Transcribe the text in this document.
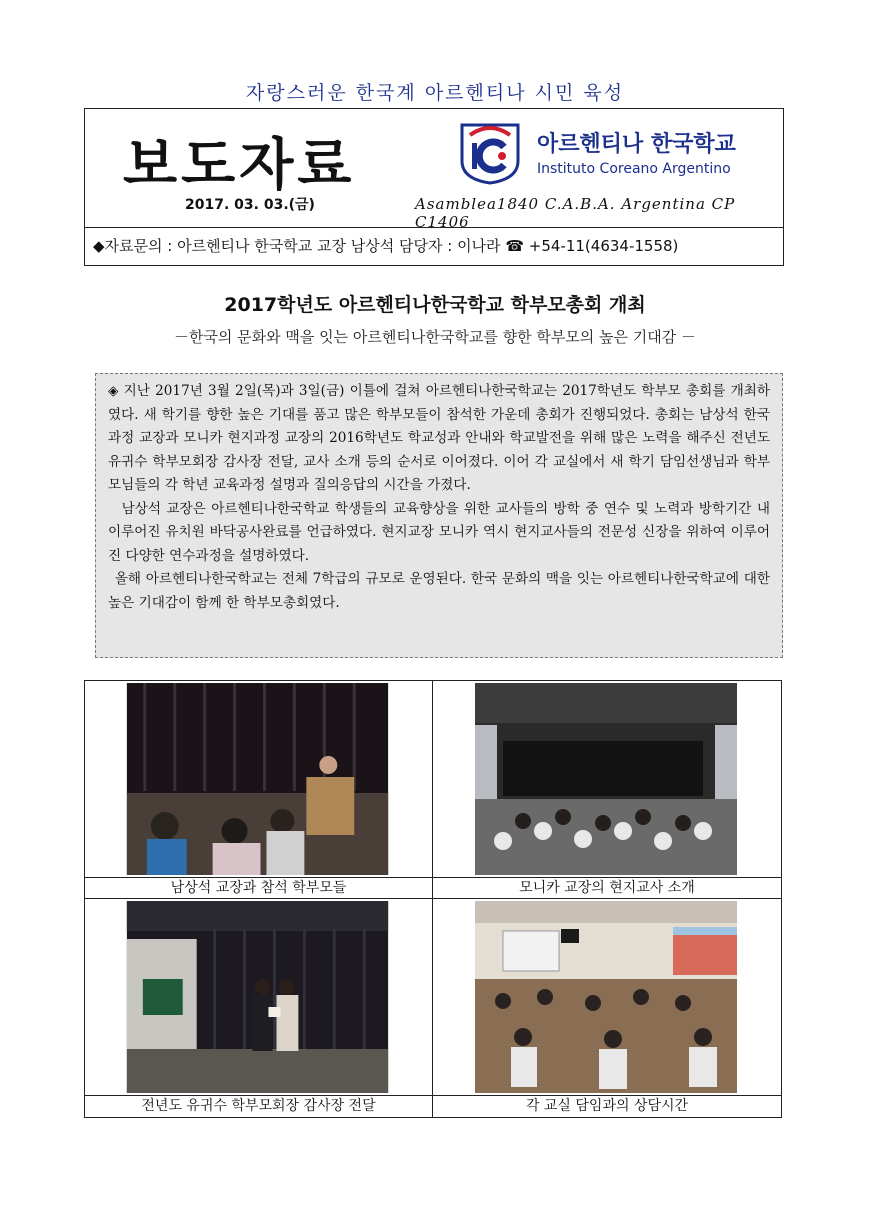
자랑스러운 한국계 아르헨티나 시민 육성
보도자료
2017. 03. 03.(금)
아르헨티나 한국학교
Instituto Coreano Argentino
Asamblea1840 C.A.B.A. Argentina CP C1406
◆자료문의 : 아르헨티나 한국학교 교장 남상석 담당자 : 이나라 ☎ +54-11(4634-1558)
2017학년도 아르헨티나한국학교 학부모총회 개최
－한국의 문화와 맥을 잇는 아르헨티나한국학교를 향한 학부모의 높은 기대감 －

◈ 지난 2017년 3월 2일(목)과 3일(금) 이틀에 걸쳐 아르헨티나한국학교는 2017학년도 학부모 총회를 개최하였다. 새 학기를 향한 높은 기대를 품고 많은 학부모들이 참석한 가운데 총회가 진행되었다. 총회는 남상석 한국과정 교장과 모니카 현지과정 교장의 2016학년도 학교성과 안내와 학교발전을 위해 많은 노력을 해주신 전년도 유귀수 학부모회장 감사장 전달, 교사 소개 등의 순서로 이어졌다. 이어 각 교실에서 새 학기 담임선생님과 학부모님들의 각 학년 교육과정 설명과 질의응답의 시간을 가졌다.

남상석 교장은 아르헨티나한국학교 학생들의 교육향상을 위한 교사들의 방학 중 연수 및 노력과 방학기간 내 이루어진 유치원 바닥공사완료를 언급하였다. 현지교장 모니카 역시 현지교사들의 전문성 신장을 위하여 이루어진 다양한 연수과정을 설명하였다.

올해 아르헨티나한국학교는 전체 7학급의 규모로 운영된다. 한국 문화의 맥을 잇는 아르헨티나한국학교에 대한 높은 기대감이 함께 한 학부모총회였다.

남상석 교장과 참석 학부모들	모니카 교장의 현지교사 소개
전년도 유귀수 학부모회장 감사장 전달	각 교실 담임과의 상담시간
